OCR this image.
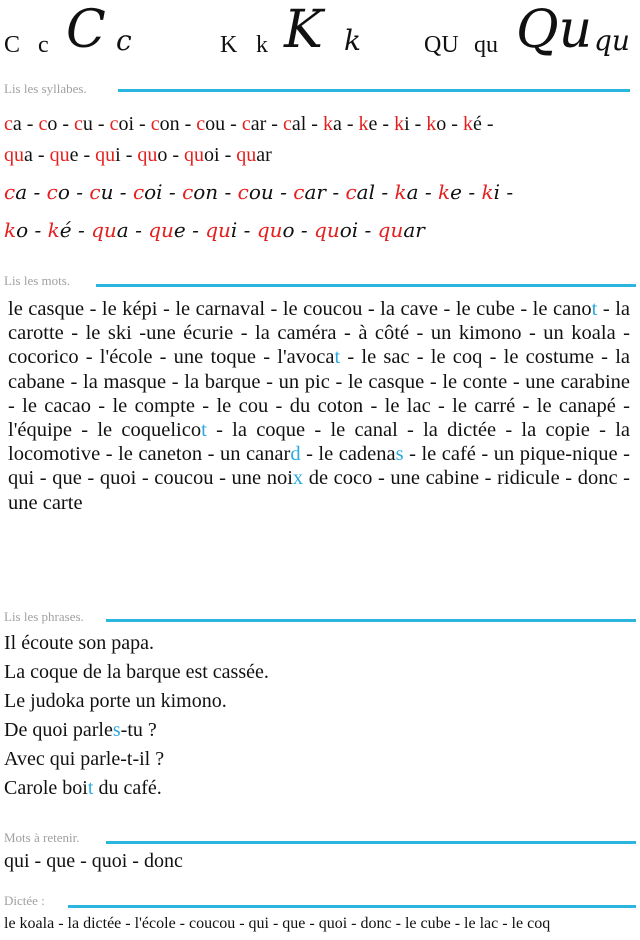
C c C c	K k K k	QU qu Qu qu
Lis les syllabes.
ca - co - cu - coi - con - cou - car - cal - ka - ke - ki - ko - ké -
qua - que - qui - quo - quoi - quar
ca - co - cu - coi - con - cou - car - cal - ka - ke - ki -
ko - ké - qua - que - qui - quo - quoi - quar
Lis les mots.
le casque - le képi - le carnaval - le coucou - la cave - le cube - le canot - la carotte - le ski -une écurie - la caméra - à côté - un kimono - un koala - cocorico - l'école - une toque - l'avocat - le sac - le coq - le costume - la cabane - la masque - la barque - un pic - le casque - le conte - une carabine - le cacao - le compte - le cou - du coton - le lac - le carré - le canapé - l'équipe - le coquelicot - la coque - le canal - la dictée - la copie - la locomotive - le caneton - un canard - le cadenas - le café - un pique-nique - qui - que - quoi - coucou - une noix de coco - une cabine - ridicule - donc - une carte
Lis les phrases.
Il écoute son papa.
La coque de la barque est cassée.
Le judoka porte un kimono.
De quoi parles-tu ?
Avec qui parle-t-il ?
Carole boit du café.
Mots à retenir.
qui - que - quoi - donc
Dictée :
le koala - la dictée - l'école - coucou - qui - que - quoi - donc - le cube - le lac - le coq
